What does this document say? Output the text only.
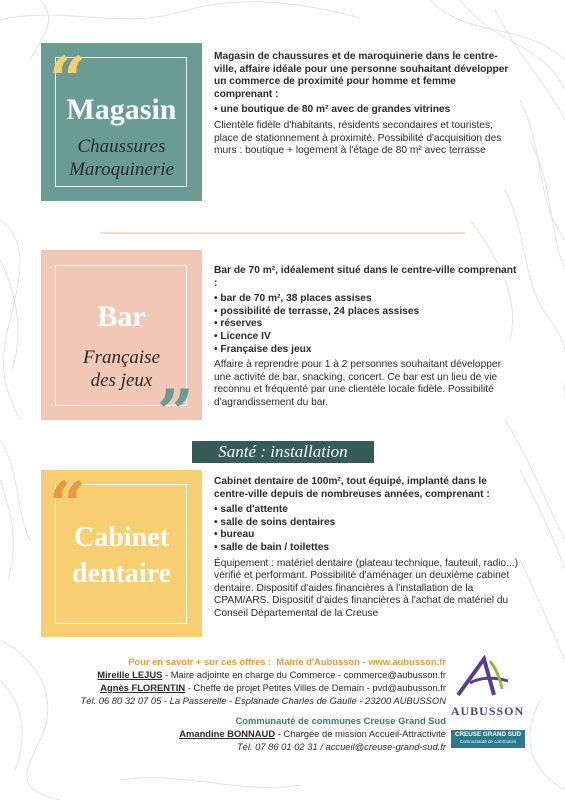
“
Magasin
Chaussures
Maroquinerie
Magasin de chaussures et de maroquinerie dans le centre-ville, affaire idéale pour une personne souhaitant développer un commerce de proximité pour homme et femme comprenant :
• une boutique de 80 m² avec de grandes vitrines

Clientèle fidèle d'habitants, résidents secondaires et touristes, place de stationnement à proximité. Possibilité d'acquisition des murs : boutique + logement à l'étage de 80 m² avec terrasse

Bar
Française
des jeux ”
Bar de 70 m², idéalement situé dans le centre-ville comprenant :
• bar de 70 m², 38 places assises
• possibilité de terrasse, 24 places assises
• réserves
• Licence IV
• Française des jeux

Affaire à reprendre pour 1 à 2 personnes souhaitant développer une activité de bar, snacking, concert. Ce bar est un lieu de vie reconnu et fréquenté par une clientèle locale fidèle. Possibilité d'agrandissement du bar.

Santé : installation
“
Cabinet
dentaire
Cabinet dentaire de 100m², tout équipé, implanté dans le centre-ville depuis de nombreuses années, comprenant :
• salle d'attente
• salle de soins dentaires
• bureau
• salle de bain / toilettes

Équipement : matériel dentaire (plateau technique, fauteuil, radio...) vérifié et performant. Possibilité d'aménager un deuxième cabinet dentaire. Dispositif d'aides financières à l'installation de la CPAM/ARS. Dispositif d'aides financières à l'achat de matériel du Conseil Départemental de la Creuse

Pour en savoir + sur ces offres : Mairie d'Aubusson - www.aubusson.fr
Mireille LEJUS - Maire adjointe en charge du Commerce - commerce@aubusson.fr
Agnès FLORENTIN - Cheffe de projet Petites Villes de Demain - pvd@aubusson.fr
Tél. 06 80 32 07 05 - La Passerelle - Esplanade Charles de Gaulle - 23200 AUBUSSON
Communauté de communes Creuse Grand Sud
Amandine BONNAUD - Chargée de mission Accueil-Attractivité
Tél. 07 86 01 02 31 / accueil@creuse-grand-sud.fr
AUBUSSON
CREUSE GRAND SUD
Communauté de communes
